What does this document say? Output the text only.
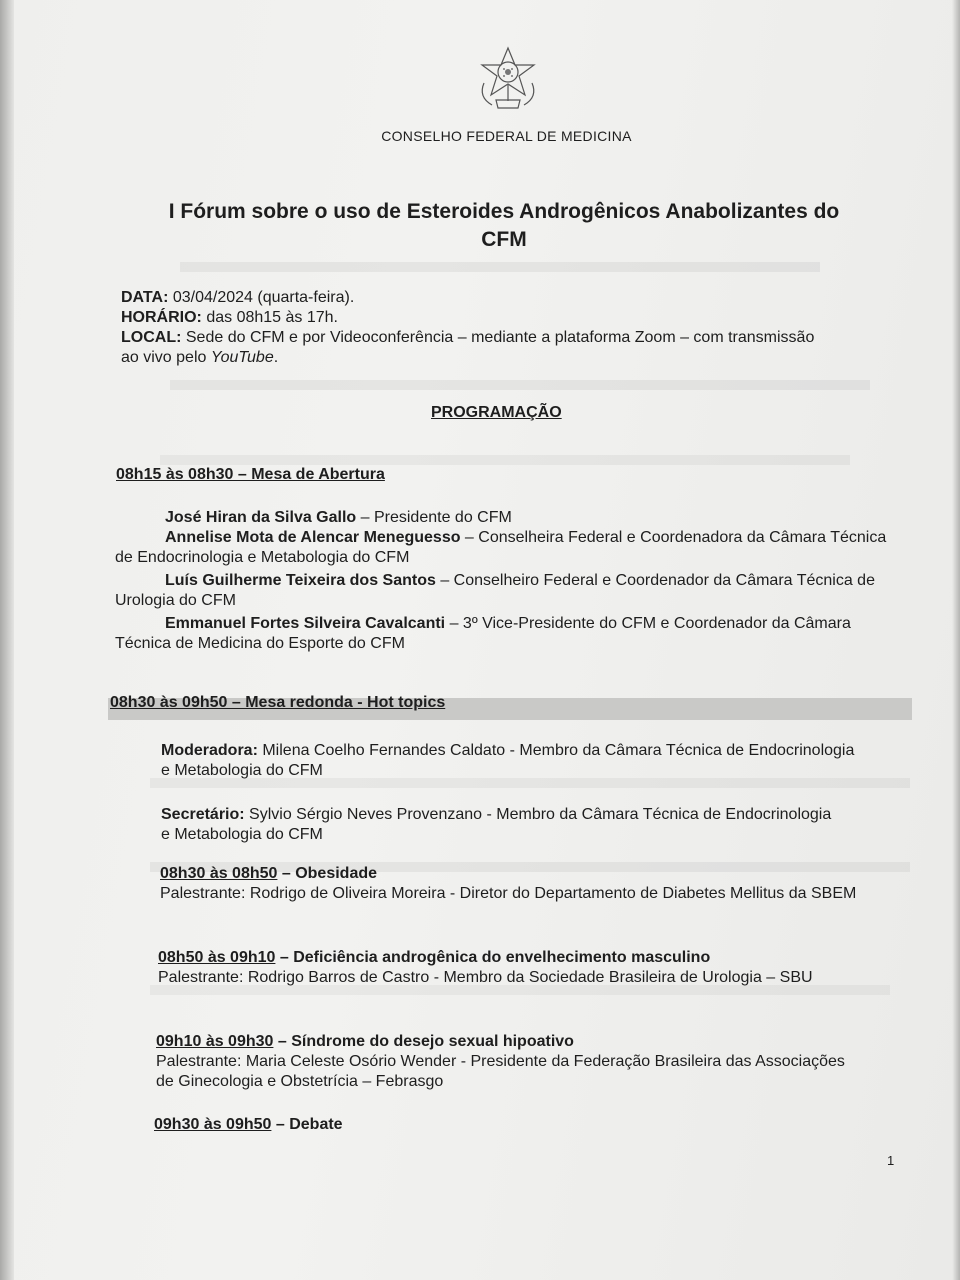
CONSELHO FEDERAL DE MEDICINA
I Fórum sobre o uso de Esteroides Androgênicos Anabolizantes do
CFM
DATA: 03/04/2024 (quarta-feira).
HORÁRIO: das 08h15 às 17h.
LOCAL: Sede do CFM e por Videoconferência – mediante a plataforma Zoom – com transmissão ao vivo pelo YouTube.
PROGRAMAÇÃO
08h15 às 08h30 – Mesa de Abertura
José Hiran da Silva Gallo – Presidente do CFM
Annelise Mota de Alencar Meneguesso – Conselheira Federal e Coordenadora da Câmara Técnica de Endocrinologia e Metabologia do CFM
Luís Guilherme Teixeira dos Santos – Conselheiro Federal e Coordenador da Câmara Técnica de Urologia do CFM
Emmanuel Fortes Silveira Cavalcanti – 3º Vice-Presidente do CFM e Coordenador da Câmara Técnica de Medicina do Esporte do CFM
08h30 às 09h50 – Mesa redonda - Hot topics
Moderadora: Milena Coelho Fernandes Caldato - Membro da Câmara Técnica de Endocrinologia e Metabologia do CFM
Secretário: Sylvio Sérgio Neves Provenzano - Membro da Câmara Técnica de Endocrinologia e Metabologia do CFM
08h30 às 08h50 – Obesidade
Palestrante: Rodrigo de Oliveira Moreira - Diretor do Departamento de Diabetes Mellitus da SBEM
08h50 às 09h10 – Deficiência androgênica do envelhecimento masculino
Palestrante: Rodrigo Barros de Castro - Membro da Sociedade Brasileira de Urologia – SBU
09h10 às 09h30 – Síndrome do desejo sexual hipoativo
Palestrante: Maria Celeste Osório Wender - Presidente da Federação Brasileira das Associações de Ginecologia e Obstetrícia – Febrasgo
09h30 às 09h50 – Debate
1
